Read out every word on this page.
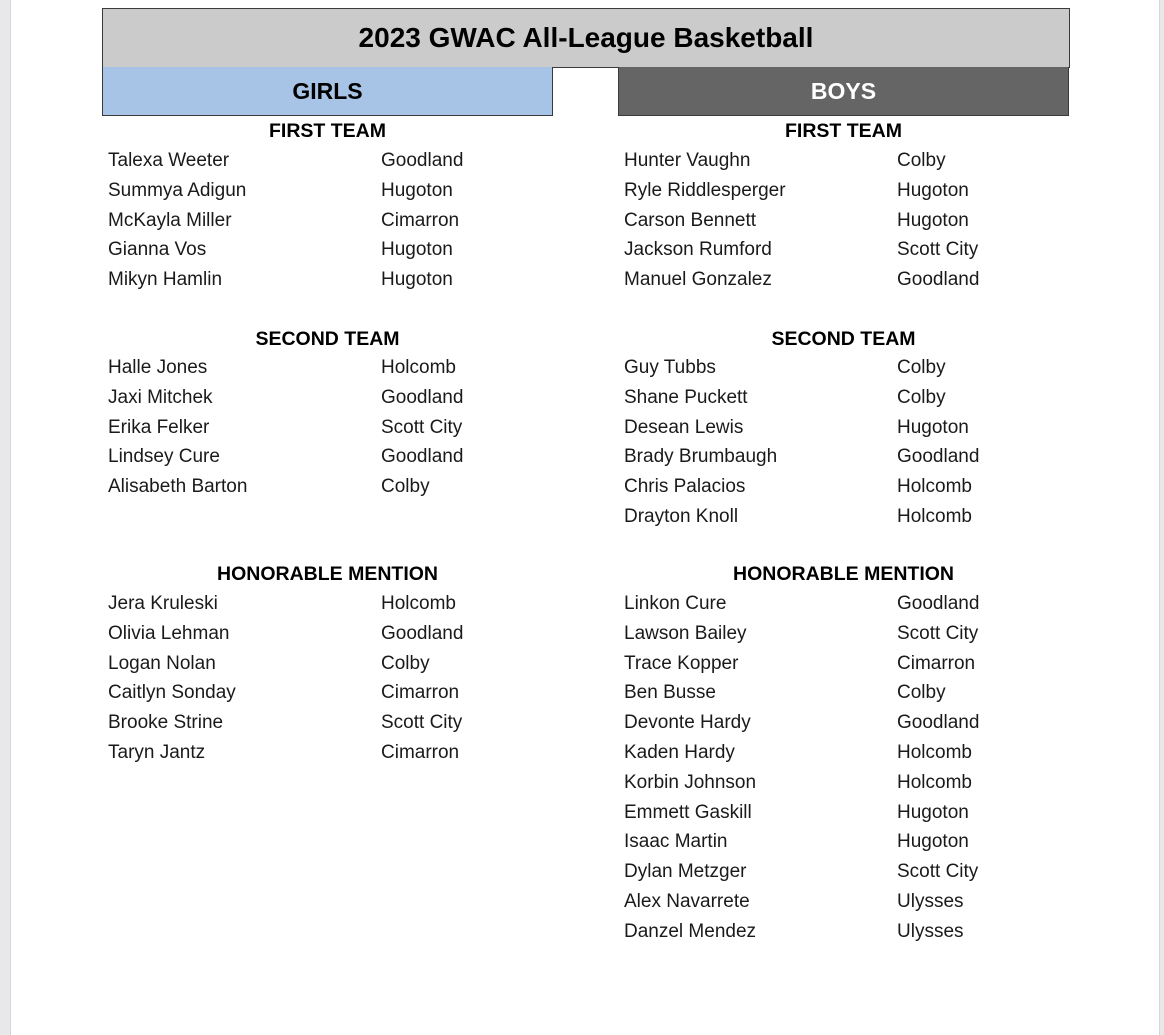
2023 GWAC All-League Basketball
GIRLS	BOYS
FIRST TEAM
Talexa Weeter	Goodland
Summya Adigun	Hugoton
McKayla Miller	Cimarron
Gianna Vos	Hugoton
Mikyn Hamlin	Hugoton
SECOND TEAM
Halle Jones	Holcomb
Jaxi Mitchek	Goodland
Erika Felker	Scott City
Lindsey Cure	Goodland
Alisabeth Barton	Colby
HONORABLE MENTION
Jera Kruleski	Holcomb
Olivia Lehman	Goodland
Logan Nolan	Colby
Caitlyn Sonday	Cimarron
Brooke Strine	Scott City
Taryn Jantz	Cimarron
FIRST TEAM
Hunter Vaughn	Colby
Ryle Riddlesperger	Hugoton
Carson Bennett	Hugoton
Jackson Rumford	Scott City
Manuel Gonzalez	Goodland
SECOND TEAM
Guy Tubbs	Colby
Shane Puckett	Colby
Desean Lewis	Hugoton
Brady Brumbaugh	Goodland
Chris Palacios	Holcomb
Drayton Knoll	Holcomb
HONORABLE MENTION
Linkon Cure	Goodland
Lawson Bailey	Scott City
Trace Kopper	Cimarron
Ben Busse	Colby
Devonte Hardy	Goodland
Kaden Hardy	Holcomb
Korbin Johnson	Holcomb
Emmett Gaskill	Hugoton
Isaac Martin	Hugoton
Dylan Metzger	Scott City
Alex Navarrete	Ulysses
Danzel Mendez	Ulysses
